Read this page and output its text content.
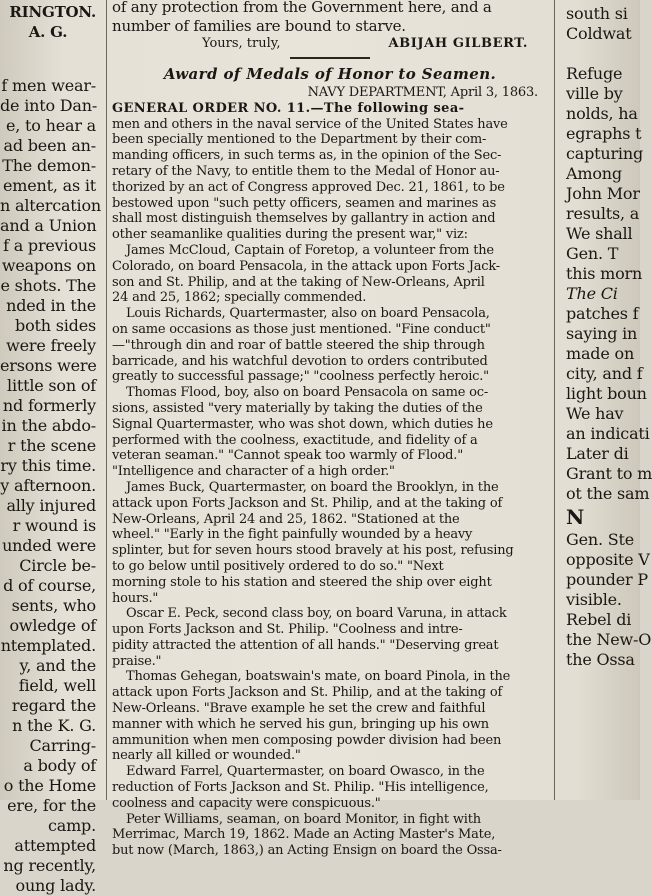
RINGTON.
A. G.
f men wear-
de into Dan-
e, to hear a
ad been an-
The demon-
ement, as it
n altercation
and a Union
f a previous
weapons on
e shots. The
nded in the
both sides
were freely
ersons were
little son of
nd formerly
in the abdo-
r the scene
ry this time.
y afternoon.
ally injured
r wound is
unded were
Circle be-
d of course,
sents, who
owledge of
ntemplated.
y, and the
field, well
regard the
n the K. G.
Carring-
a body of
o the Home
ere, for the
camp.
attempted
ng recently,
oung lady.
of any protection from the Government here, and a
number of families are bound to starve.
Yours, truly,	ABIJAH GILBERT.
Award of Medals of Honor to Seamen.
NAVY DEPARTMENT, April 3, 1863.
GENERAL ORDER NO. 11.—The following sea-
men and others in the naval service of the United States have
been specially mentioned to the Department by their com-
manding officers, in such terms as, in the opinion of the Sec-
retary of the Navy, to entitle them to the Medal of Honor au-
thorized by an act of Congress approved Dec. 21, 1861, to be
bestowed upon "such petty officers, seamen and marines as
shall most distinguish themselves by gallantry in action and
other seamanlike qualities during the present war," viz:
James McCloud, Captain of Foretop, a volunteer from the
Colorado, on board Pensacola, in the attack upon Forts Jack-
son and St. Philip, and at the taking of New-Orleans, April
24 and 25, 1862; specially commended.
Louis Richards, Quartermaster, also on board Pensacola,
on same occasions as those just mentioned. "Fine conduct"
—"through din and roar of battle steered the ship through
barricade, and his watchful devotion to orders contributed
greatly to successful passage;" "coolness perfectly heroic."
Thomas Flood, boy, also on board Pensacola on same oc-
sions, assisted "very materially by taking the duties of the
Signal Quartermaster, who was shot down, which duties he
performed with the coolness, exactitude, and fidelity of a
veteran seaman." "Cannot speak too warmly of Flood."
"Intelligence and character of a high order."
James Buck, Quartermaster, on board the Brooklyn, in the
attack upon Forts Jackson and St. Philip, and at the taking of
New-Orleans, April 24 and 25, 1862. "Stationed at the
wheel." "Early in the fight painfully wounded by a heavy
splinter, but for seven hours stood bravely at his post, refusing
to go below until positively ordered to do so." "Next
morning stole to his station and steered the ship over eight
hours."
Oscar E. Peck, second class boy, on board Varuna, in attack
upon Forts Jackson and St. Philip. "Coolness and intre-
pidity attracted the attention of all hands." "Deserving great
praise."
Thomas Gehegan, boatswain's mate, on board Pinola, in the
attack upon Forts Jackson and St. Philip, and at the taking of
New-Orleans. "Brave example he set the crew and faithful
manner with which he served his gun, bringing up his own
ammunition when men composing powder division had been
nearly all killed or wounded."
Edward Farrel, Quartermaster, on board Owasco, in the
reduction of Forts Jackson and St. Philip. "His intelligence,
coolness and capacity were conspicuous."
Peter Williams, seaman, on board Monitor, in fight with
Merrimac, March 19, 1862. Made an Acting Master's Mate,
but now (March, 1863,) an Acting Ensign on board the Ossa-
south si
Coldwat
Refuge
ville by
nolds, ha
egraphs t
capturing
Among
John Mor
results, a
We shall
Gen. T
this morn
The Ci
patches f
saying in
made on
city, and f
light boun
We hav
an indicati
Later di
Grant to m
ot the sam
N
Gen. Ste
opposite V
pounder P
visible.
Rebel di
the New-O
the Ossa
